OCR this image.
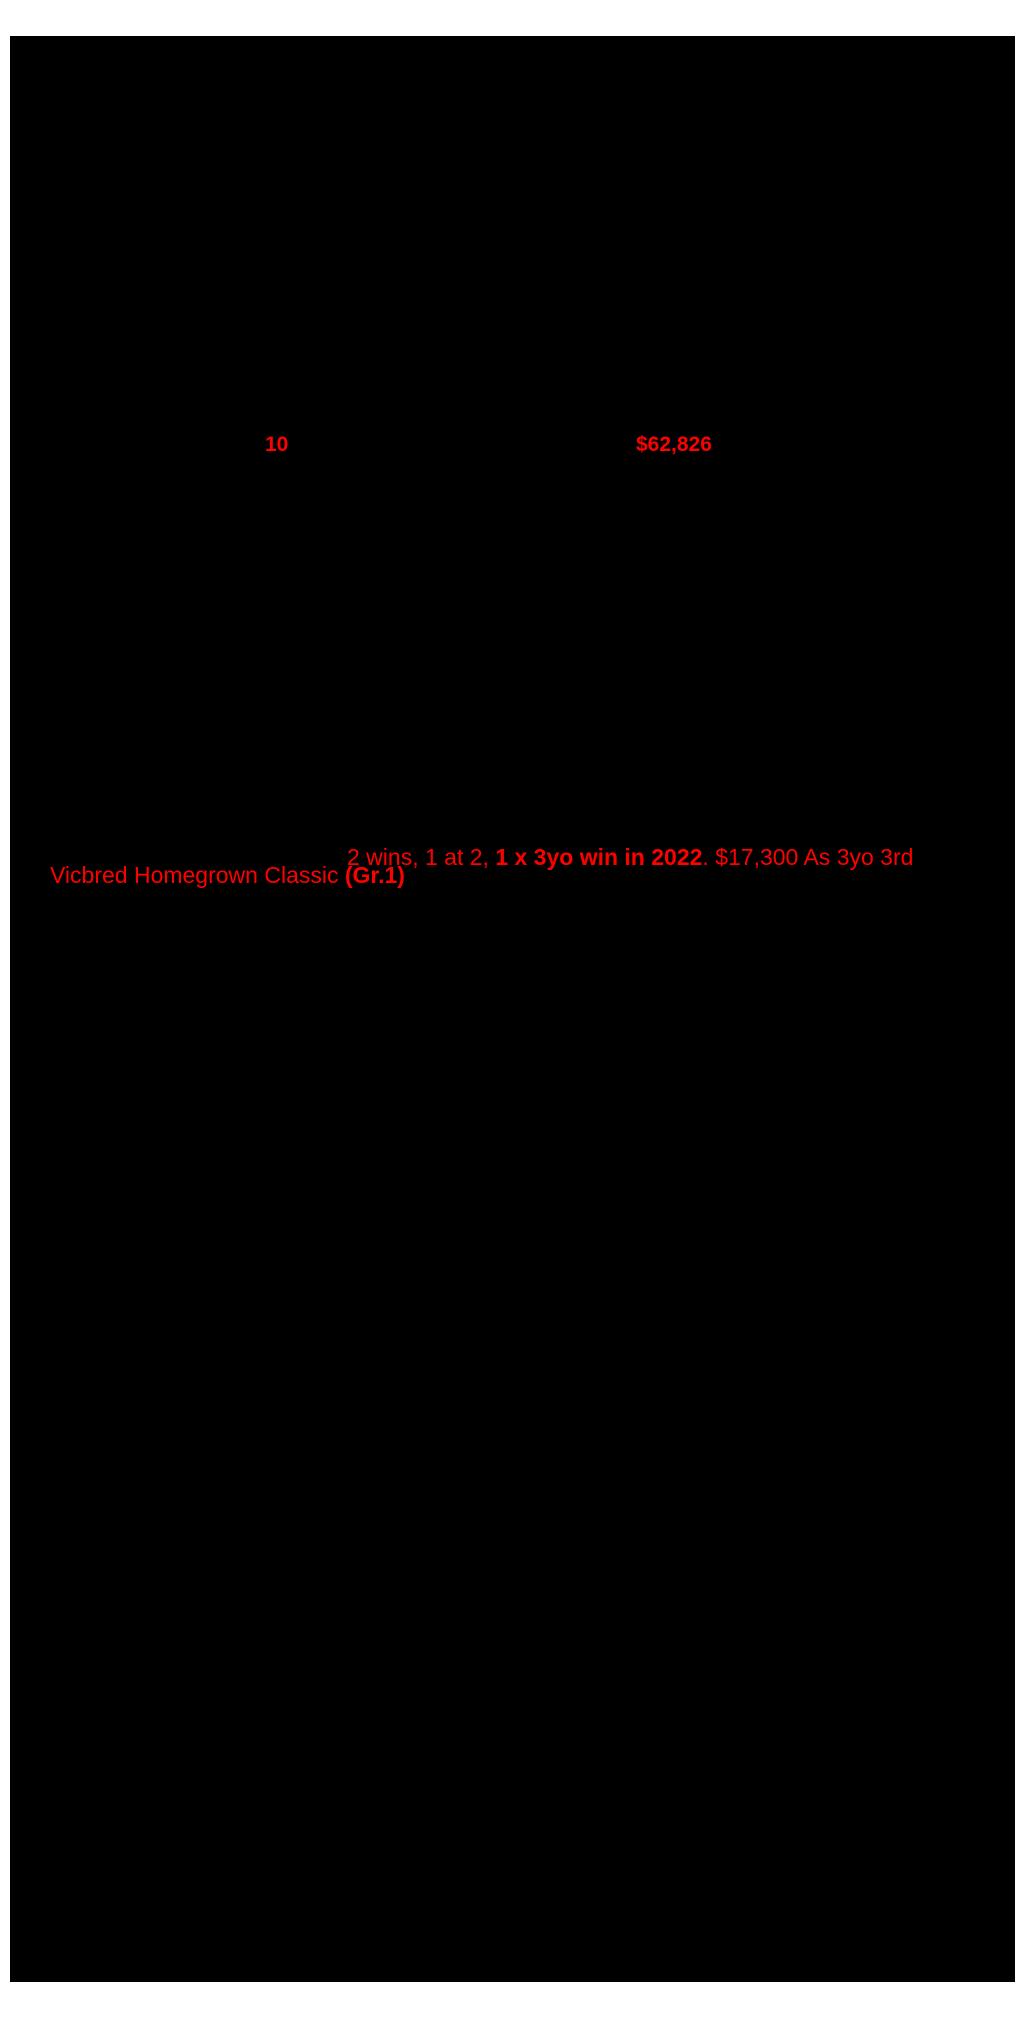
10	$62,826
Vicbred Homegrown Classic (Gr.1)
2 wins, 1 at 2, 1 x 3yo win in 2022. $17,300 As 3yo 3rd
